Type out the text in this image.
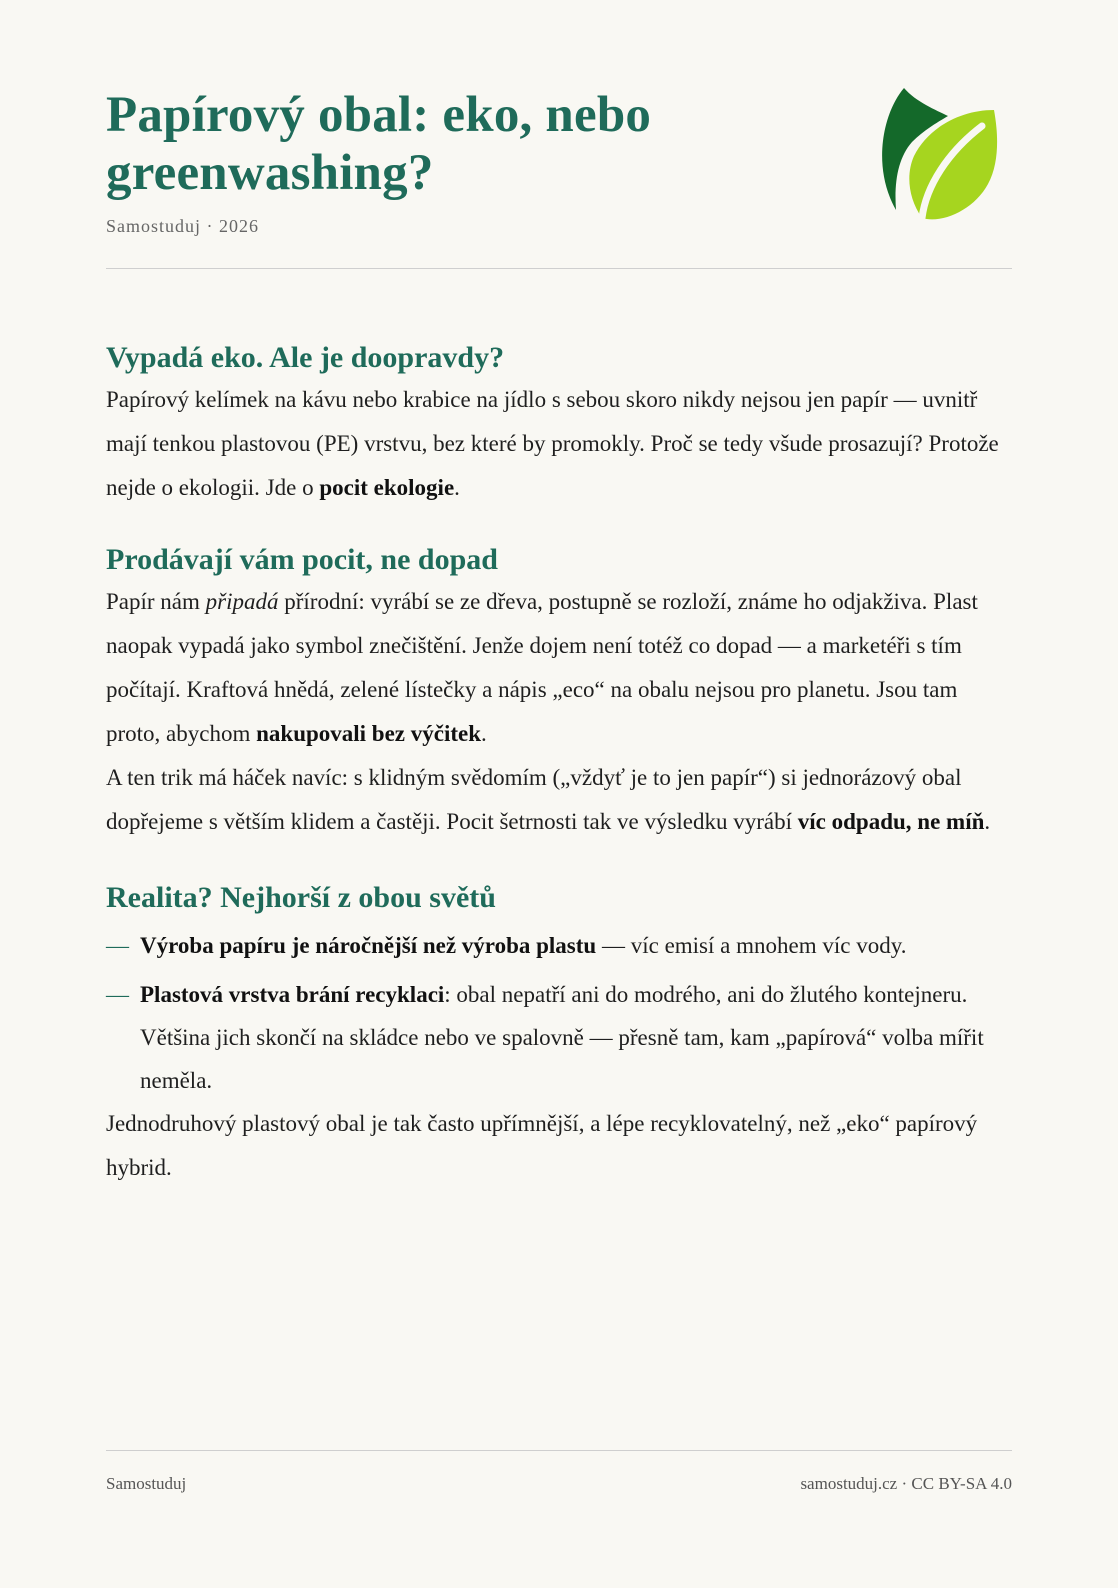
Papírový obal: eko, nebo greenwashing?
Samostuduj · 2026
Vypadá eko. Ale je doopravdy?

Papírový kelímek na kávu nebo krabice na jídlo s sebou skoro nikdy nejsou jen papír — uvnitř mají tenkou plastovou (PE) vrstvu, bez které by promokly. Proč se tedy všude prosazují? Protože nejde o ekologii. Jde o pocit ekologie.

Prodávají vám pocit, ne dopad

Papír nám připadá přírodní: vyrábí se ze dřeva, postupně se rozloží, známe ho odjakživa. Plast naopak vypadá jako symbol znečištění. Jenže dojem není totéž co dopad — a marketéři s tím počítají. Kraftová hnědá, zelené lístečky a nápis „eco“ na obalu nejsou pro planetu. Jsou tam proto, abychom nakupovali bez výčitek.

A ten trik má háček navíc: s klidným svědomím („vždyť je to jen papír“) si jednorázový obal dopřejeme s větším klidem a častěji. Pocit šetrnosti tak ve výsledku vyrábí víc odpadu, ne míň.

Realita? Nejhorší z obou světů
— Výroba papíru je náročnější než výroba plastu — víc emisí a mnohem víc vody.
— Plastová vrstva brání recyklaci: obal nepatří ani do modrého, ani do žlutého kontejneru. Většina jich skončí na skládce nebo ve spalovně — přesně tam, kam „papírová“ volba mířit neměla.

Jednodruhový plastový obal je tak často upřímnější, a lépe recyklovatelný, než „eko“ papírový hybrid.

Samostuduj	samostuduj.cz · CC BY-SA 4.0
